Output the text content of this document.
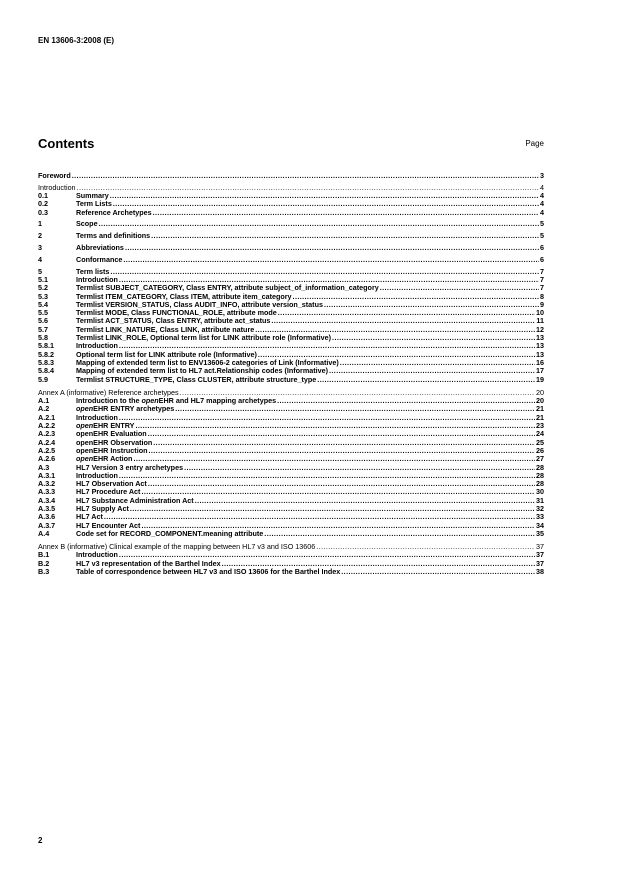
EN 13606-3:2008 (E)
Contents	Page
Foreword .....	3
Introduction .....	4
0.1	Summary .....	4
0.2	Term Lists .....	4
0.3	Reference Archetypes .....	4
1	Scope .....	5
2	Terms and definitions .....	5
3	Abbreviations .....	6
4	Conformance .....	6
5	Term lists .....	7
5.1	Introduction .....	7
5.2	Termlist SUBJECT_CATEGORY, Class ENTRY, attribute subject_of_information_category .....	7
5.3	Termlist ITEM_CATEGORY, Class ITEM, attribute item_category .....	8
5.4	Termlist VERSION_STATUS, Class AUDIT_INFO, attribute version_status .....	9
5.5	Termlist MODE, Class FUNCTIONAL_ROLE, attribute mode .....	10
5.6	Termlist ACT_STATUS, Class ENTRY, attribute act_status .....	11
5.7	Termlist LINK_NATURE, Class LINK, attribute nature .....	12
5.8	Termlist LINK_ROLE, Optional term list for LINK attribute role (Informative) .....	13
5.8.1	Introduction .....	13
5.8.2	Optional term list for LINK attribute role (Informative) .....	13
5.8.3	Mapping of extended term list to ENV13606-2 categories of Link (Informative) .....	16
5.8.4	Mapping of extended term list to HL7 act.Relationship codes (Informative) .....	17
5.9	Termlist STRUCTURE_TYPE, Class CLUSTER, attribute structure_type .....	19
Annex A (informative) Reference archetypes .....	20
A.1	Introduction to the openEHR and HL7 mapping archetypes .....	20
A.2	openEHR ENTRY archetypes .....	21
A.2.1	Introduction .....	21
A.2.2	openEHR ENTRY .....	23
A.2.3	openEHR Evaluation .....	24
A.2.4	openEHR Observation .....	25
A.2.5	openEHR Instruction .....	26
A.2.6	openEHR Action .....	27
A.3	HL7 Version 3 entry archetypes .....	28
A.3.1	Introduction .....	28
A.3.2	HL7 Observation Act .....	28
A.3.3	HL7 Procedure Act .....	30
A.3.4	HL7 Substance Administration Act .....	31
A.3.5	HL7 Supply Act .....	32
A.3.6	HL7 Act .....	33
A.3.7	HL7 Encounter Act .....	34
A.4	Code set for RECORD_COMPONENT.meaning attribute .....	35
Annex B (informative) Clinical example of the mapping between HL7 v3 and ISO 13606 .....	37
B.1	Introduction .....	37
B.2	HL7 v3 representation of the Barthel Index .....	37
B.3	Table of correspondence between HL7 v3 and ISO 13606 for the Barthel Index .....	38
2
